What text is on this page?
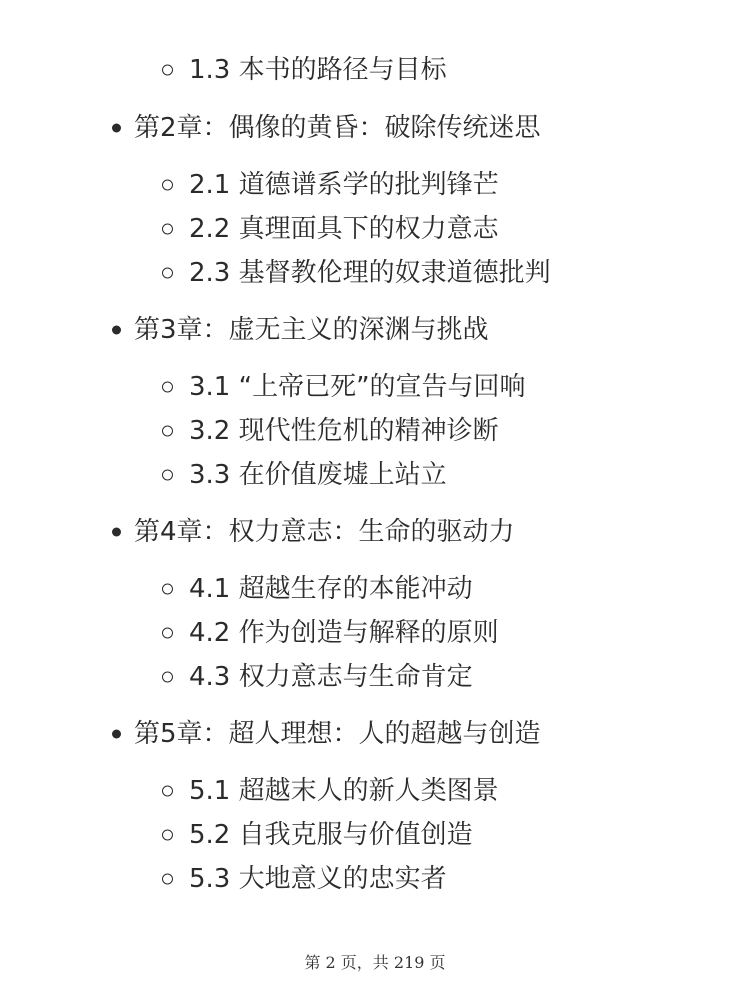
1.3 本书的路径与目标
第2章：偶像的黄昏：破除传统迷思
2.1 道德谱系学的批判锋芒
2.2 真理面具下的权力意志
2.3 基督教伦理的奴隶道德批判
第3章：虚无主义的深渊与挑战
3.1 “上帝已死”的宣告与回响
3.2 现代性危机的精神诊断
3.3 在价值废墟上站立
第4章：权力意志：生命的驱动力
4.1 超越生存的本能冲动
4.2 作为创造与解释的原则
4.3 权力意志与生命肯定
第5章：超人理想：人的超越与创造
5.1 超越末人的新人类图景
5.2 自我克服与价值创造
5.3 大地意义的忠实者
第 2 页，共 219 页
